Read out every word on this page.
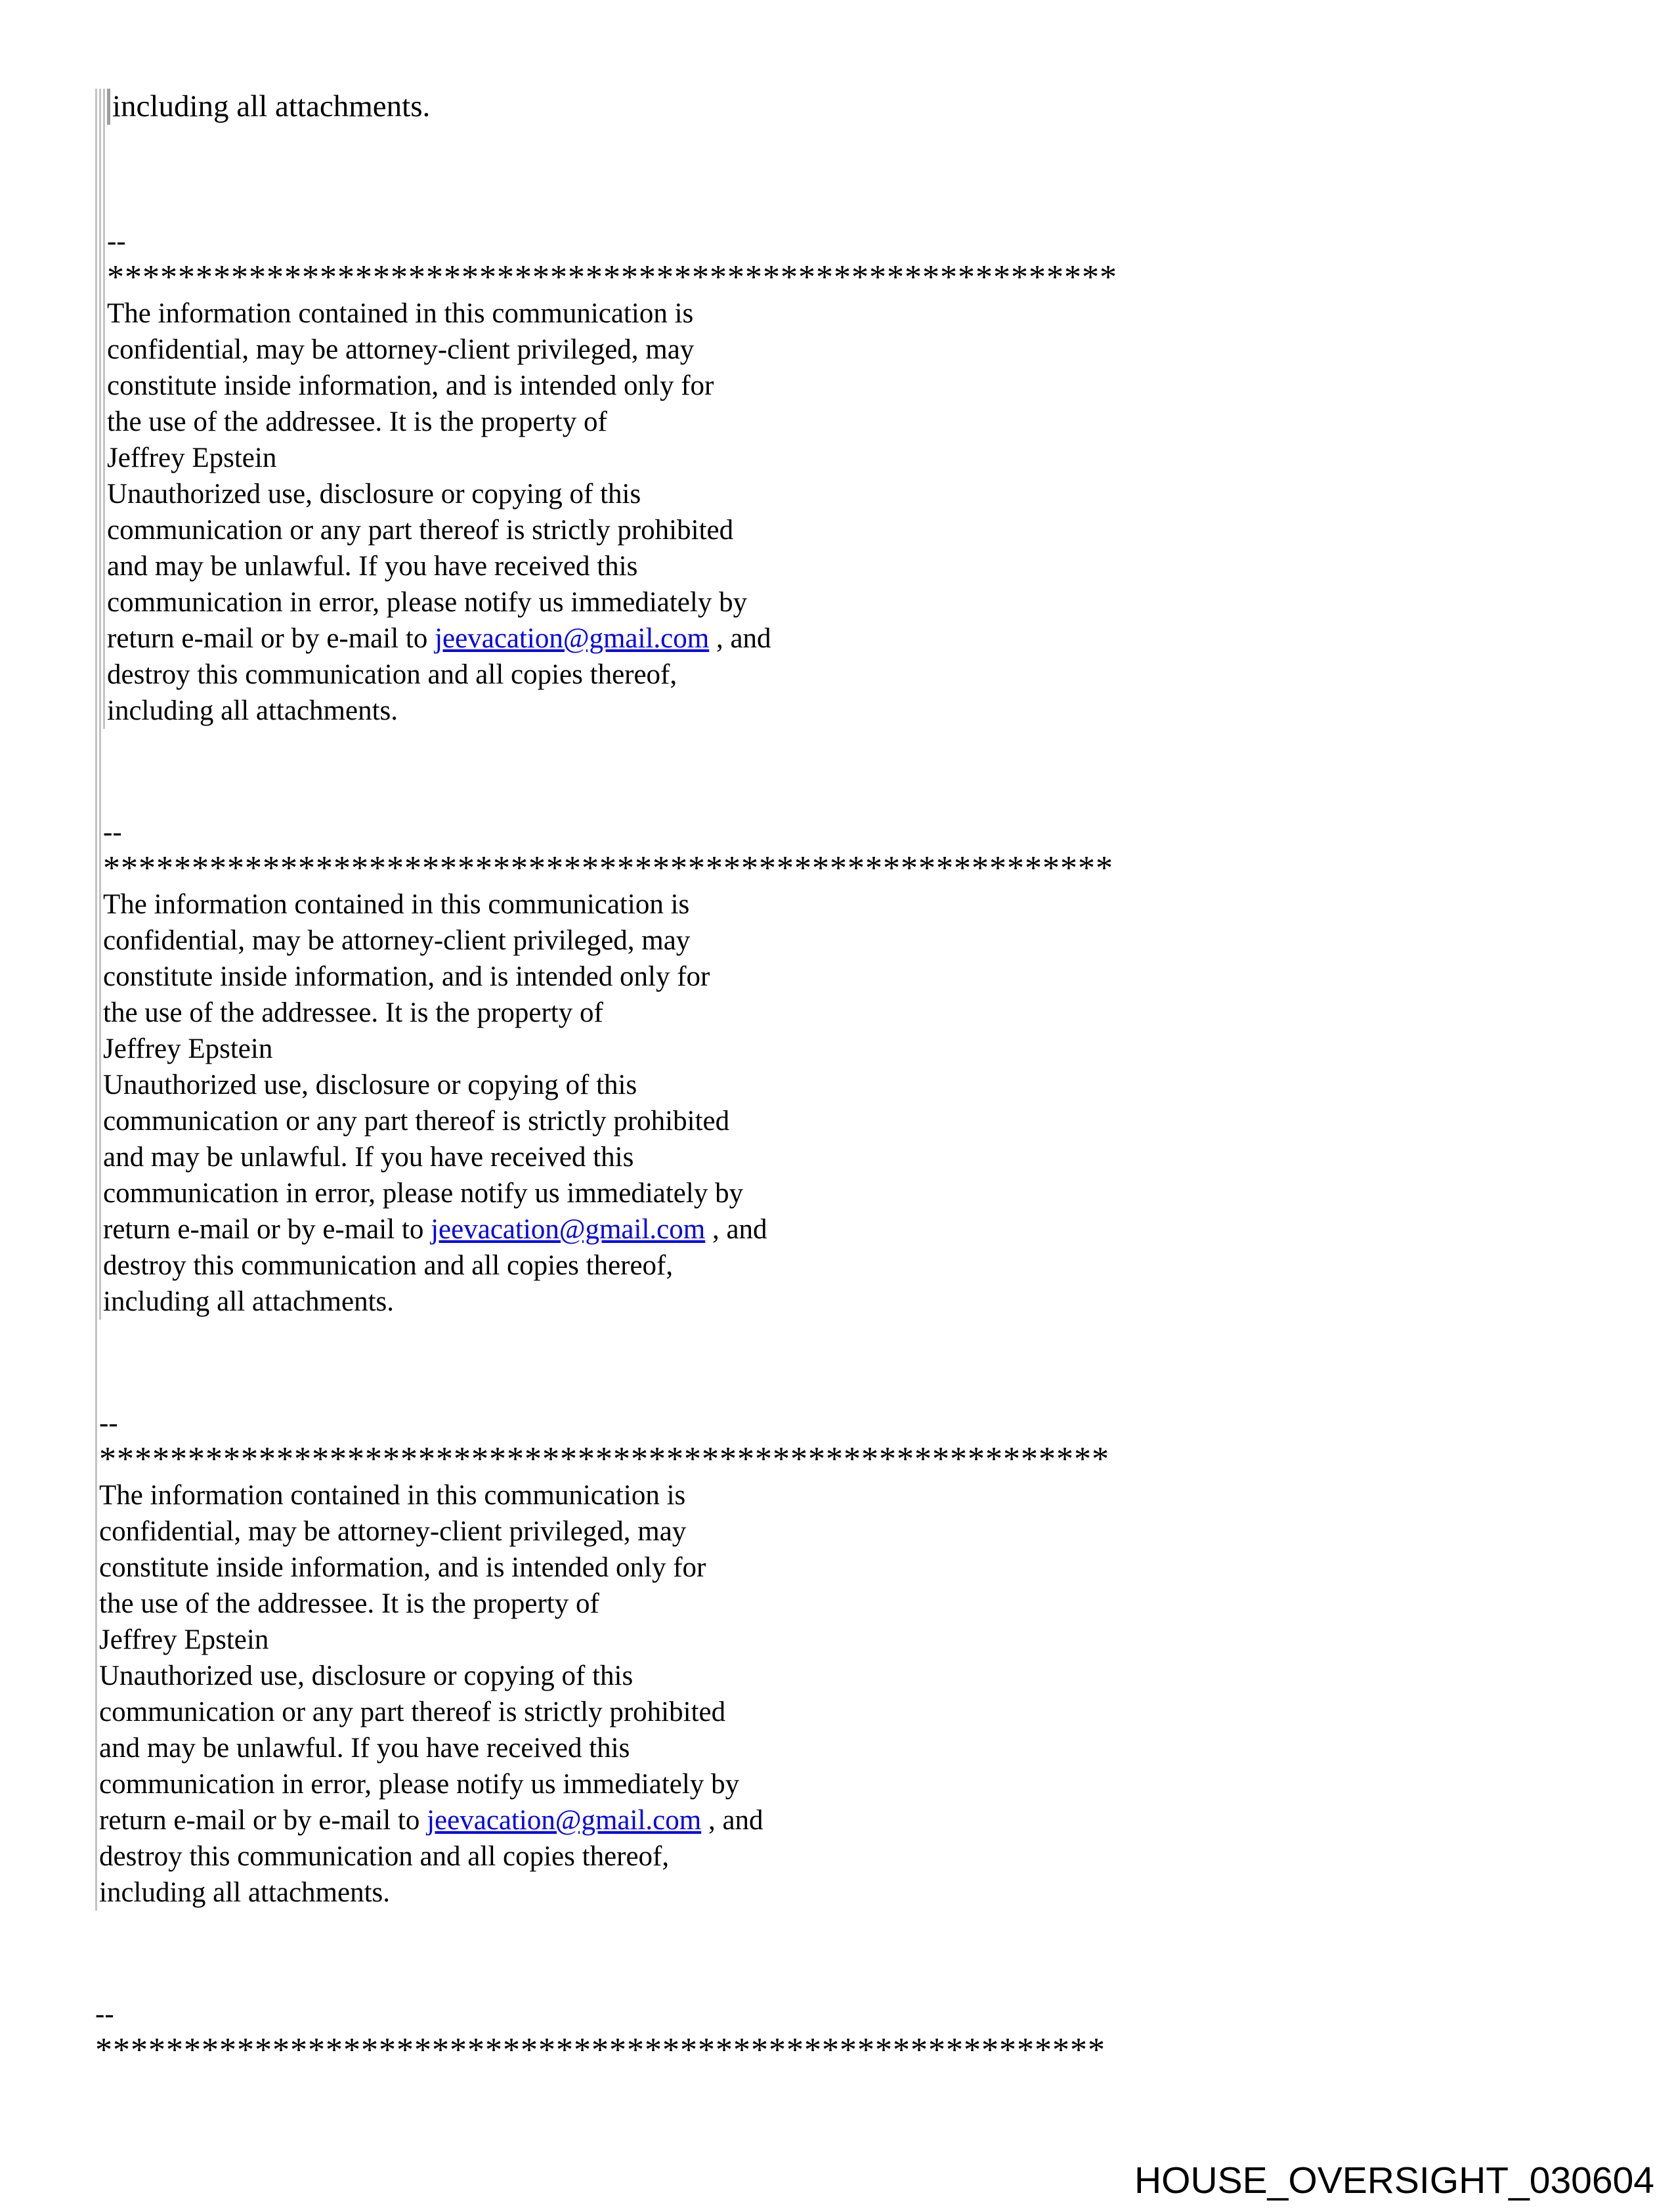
including all attachments.
--
*********************************************************
The information contained in this communication is
confidential, may be attorney-client privileged, may
constitute inside information, and is intended only for
the use of the addressee. It is the property of
Jeffrey Epstein
Unauthorized use, disclosure or copying of this
communication or any part thereof is strictly prohibited
and may be unlawful. If you have received this
communication in error, please notify us immediately by
return e-mail or by e-mail to jeevacation@gmail.com , and
destroy this communication and all copies thereof,
including all attachments.
--
*********************************************************
The information contained in this communication is
confidential, may be attorney-client privileged, may
constitute inside information, and is intended only for
the use of the addressee. It is the property of
Jeffrey Epstein
Unauthorized use, disclosure or copying of this
communication or any part thereof is strictly prohibited
and may be unlawful. If you have received this
communication in error, please notify us immediately by
return e-mail or by e-mail to jeevacation@gmail.com , and
destroy this communication and all copies thereof,
including all attachments.
--
*********************************************************
The information contained in this communication is
confidential, may be attorney-client privileged, may
constitute inside information, and is intended only for
the use of the addressee. It is the property of
Jeffrey Epstein
Unauthorized use, disclosure or copying of this
communication or any part thereof is strictly prohibited
and may be unlawful. If you have received this
communication in error, please notify us immediately by
return e-mail or by e-mail to jeevacation@gmail.com , and
destroy this communication and all copies thereof,
including all attachments.
--
*********************************************************
HOUSE_OVERSIGHT_030604
